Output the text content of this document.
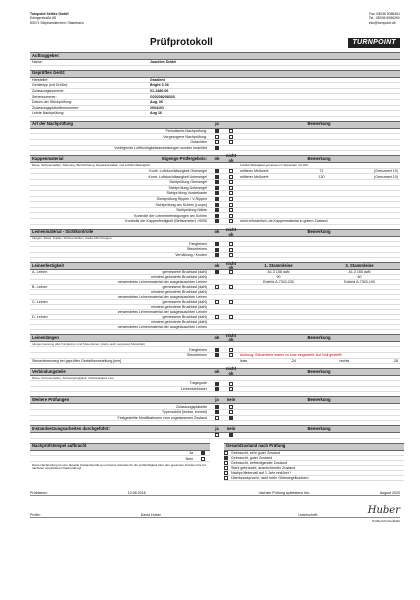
Turnpoint Seiltex GmbH
Edingerstraße 68
83071 Stephanskirchen / Baierbach
Fax: 08036 9086261
Tel.: 08036 9086260
info@turnpoint.de
Prüfprotokoll	TURNPOINT
Auftraggeber:
Name:	Joachim Seidel
Geprüftes Gerät:
Hersteller:	Gradient
Gerätetyp (mit Größe):	Bright 3 28
Zulassungsnummer:	01-1486-06
Seriennummer:	G20208208333
Datum der Stückprüfung:	Aug. 06
Zulassungsplakettennummer:	2004101
Letzte Nachprüfung:	Aug 16
Art der Nachprüfung	ja	Bemerkung
Periodische-Nachprüfung:
Vorgezogene Nachprüfung:
Gutachten
Vorliegende Lufttüchtigkeitsanweisungen wurden beachtet
Kappenmaterial	Eigengs-Prüfergebnis:	ok	nicht ok	Bemerkung
Risse, Scheuerstellen, Dehnung, Beschichtung, Reparaturstellen und Luftdurchlässigkeit	Luftdurchlässigkeit gemessen in Sekunden mit JDC
Kontr. Luftdurchlässigkeit Obersegel	mittlerer Meßwert:	71	(Grenzwert 10)
Kontr. Luftdurchlässigkeit Untersegel	mittlerer Meßwert:	130	(Grenzwert 10)
Sichtprüfung Obersegel
Sichtprüfung Untersegel
Sichtprüfung Vorderkante
Sichtprüfung Rippen / V-Rippen
Sichtprüfung am Schirm (Loops)
Sichtprüfung Nähte
Kontrolle der Leinenbefestigungen am Schirm
Kontrolle der Kappenfestigkeit (Bettsometer) >9000	nicht erforderlich, da Kappenmaterial in gutem Zustand
Leinenmaterial - Sichtkontrolle	ok	nicht ok	Bemerkung
Längen, Risse, Knicke, Scheuerstellen, starke Abnutzungen
Fangleinen
Steuerleinen
Vernähung / Knoten
Leinenfestigkeit	ok	nicht ok	1. Stammleine	3. Stammleine
A- Leinen	gemessene Bruchlast (daN)	A1.3 158 daN	A1.3 165 daN
mindest geforderte Bruchlast (daN)	90	60
verwendetes Leinenmaterial der ausgetauschten Leinen	Edelrid A-7343-230	Edelrid A-7343-190
B- Leinen	gemessene Bruchlast (daN)
mindest geforderte Bruchlast (daN)
verwendetes Leinenmaterial der ausgetauschten Leinen
C- Leinen	gemessene Bruchlast (daN)
mindest geforderte Bruchlast (daN)
verwendetes Leinenmaterial der ausgetauschten Leinen
D- Leinen	gemessene Bruchlast (daN)
mindest geforderte Bruchlast (daN)
verwendetes Leinenmaterial der ausgetauschten Leinen
Leinenlängen	ok	nicht ok	Bemerkung
Längenmessung aller Fangleinen und Steuerleinen (siehe auch separates Messblatt)
Fangleinen
Steuerleinen	Achtung: Steuerleine waren zu kurz eingestellt. Auf Null gestellt!
Steuerleinenweg bei geprüfter Gestellkennstellung [mm]	links	-24	rechts	-28
Verbindungsteile	ok	nicht ok	Bemerkung
Risse, Scheuerstellen, Schwergängigkeit, Vollständigkeit usw.
Tragegurte
Leinenschlösser
Weitere Prüfungen	ja	nein	Bemerkung
Zulassungsplakette
Typenschild (lesbar, korrekt)
Festgestellte Modifikationen zum zugelassenen Zustand
Instandsetzungsarbeiten durchgeführt:	ja	nein	Bemerkung
Nachprüfstempel aufbracht
Ja
Nein
Diese Nachprüfung ist eine aktuelle Zustandsprüfung und keine Garantie für die Lufttüchtigkeit über den gesamten Zeitraum bis zur nächsten empfohlenen Nachprüfung!
Gesamtzustand nach Prüfung
Gebraucht, sehr guter Zustand
Gebraucht, guter Zustand
Gebraucht, befriedigender Zustand
Stark gebraucht, ausreichender Zustand
Nachprüfintervall auf 1 Jahr verkürzt !
Überbeansprucht, nicht mehr Gütesiegelkonform
Prüfdatum:	13.08.2018	nächste Prüfung spätestens bis:	August 2020
Prüfer:	David Huber	Unterschrift:	Huber
Prüfbericht Dockblatt
